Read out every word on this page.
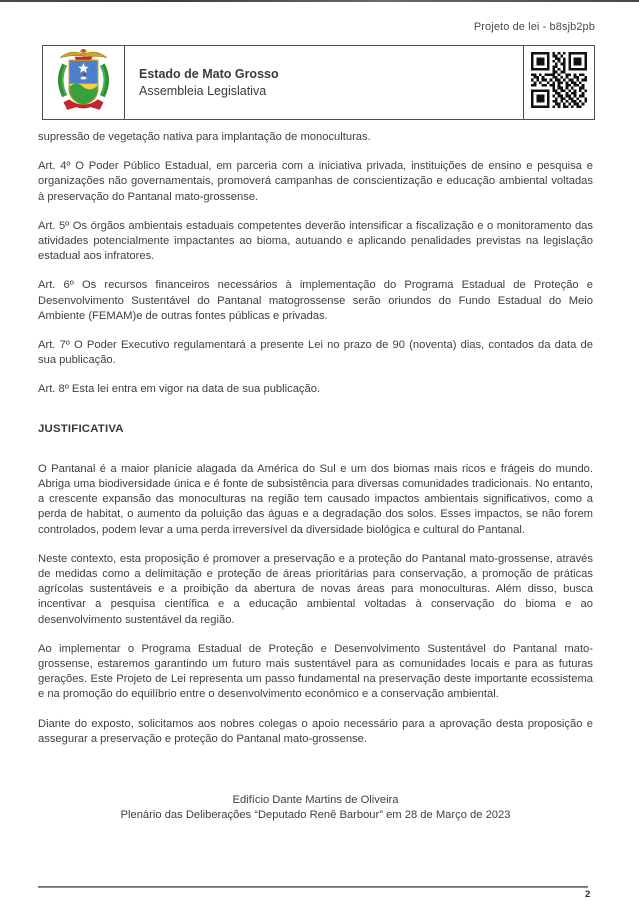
Projeto de lei - b8sjb2pb
Estado de Mato Grosso
Assembleia Legislativa

supressão de vegetação nativa para implantação de monoculturas.

Art. 4º O Poder Público Estadual, em parceria com a iniciativa privada, instituições de ensino e pesquisa e organizações não governamentais, promoverá campanhas de conscientização e educação ambiental voltadas à preservação do Pantanal mato-grossense.

Art. 5º Os órgãos ambientais estaduais competentes deverão intensificar a fiscalização e o monitoramento das atividades potencialmente impactantes ao bioma, autuando e aplicando penalidades previstas na legislação estadual aos infratores.

Art. 6º Os recursos financeiros necessários à implementação do Programa Estadual de Proteção e Desenvolvimento Sustentável do Pantanal matogrossense serão oriundos do Fundo Estadual do Meio Ambiente (FEMAM)e de outras fontes públicas e privadas.

Art. 7º O Poder Executivo regulamentará a presente Lei no prazo de 90 (noventa) dias, contados da data de sua publicação.

Art. 8º Esta lei entra em vigor na data de sua publicação.

JUSTIFICATIVA

O Pantanal é a maior planície alagada da América do Sul e um dos biomas mais ricos e frágeis do mundo. Abriga uma biodiversidade única e é fonte de subsistência para diversas comunidades tradicionais. No entanto, a crescente expansão das monoculturas na região tem causado impactos ambientais significativos, como a perda de habitat, o aumento da poluição das águas e a degradação dos solos. Esses impactos, se não forem controlados, podem levar a uma perda irreversível da diversidade biológica e cultural do Pantanal.

Neste contexto, esta proposição é promover a preservação e a proteção do Pantanal mato-grossense, através de medidas como a delimitação e proteção de áreas prioritárias para conservação, a promoção de práticas agrícolas sustentáveis e a proibição da abertura de novas áreas para monoculturas. Além disso, busca incentivar a pesquisa científica e a educação ambiental voltadas à conservação do bioma e ao desenvolvimento sustentável da região.

Ao implementar o Programa Estadual de Proteção e Desenvolvimento Sustentável do Pantanal mato-grossense, estaremos garantindo um futuro mais sustentável para as comunidades locais e para as futuras gerações. Este Projeto de Lei representa um passo fundamental na preservação deste importante ecossistema e na promoção do equilíbrio entre o desenvolvimento econômico e a conservação ambiental.

Diante do exposto, solicitamos aos nobres colegas o apoio necessário para a aprovação desta proposição e assegurar a preservação e proteção do Pantanal mato-grossense.

Edifício Dante Martins de Oliveira

Plenário das Deliberações “Deputado Renê Barbour” em 28 de Março de 2023

2
